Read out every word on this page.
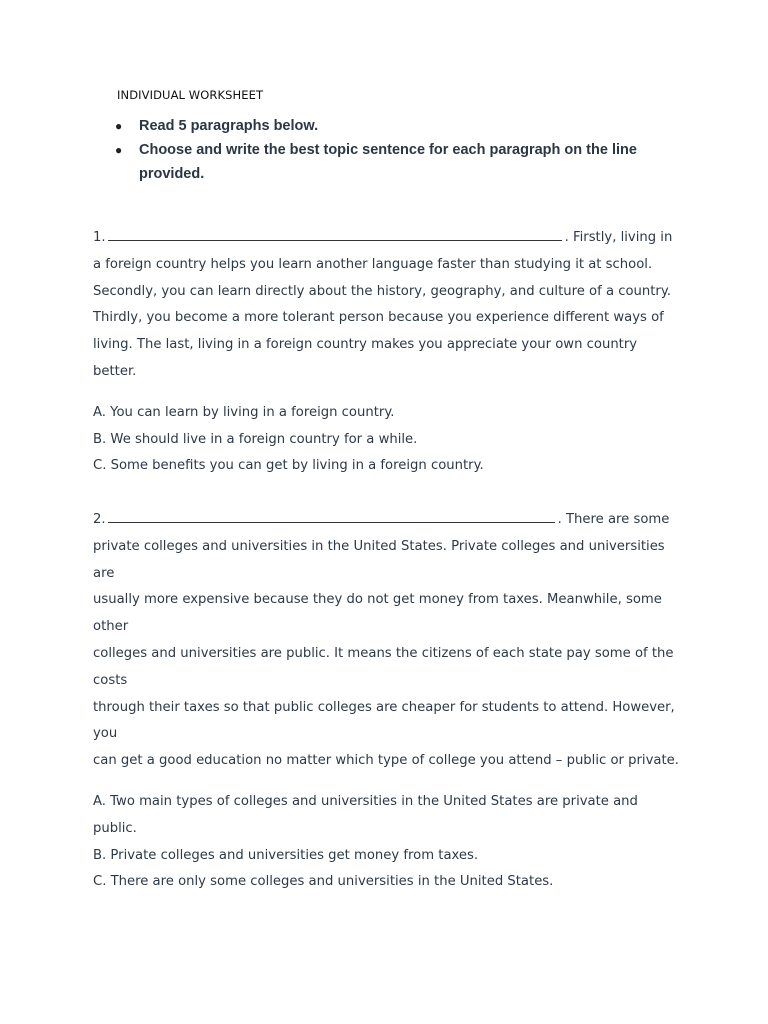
INDIVIDUAL WORKSHEET
● Read 5 paragraphs below.
● Choose and write the best topic sentence for each paragraph on the line provided.

1.	. Firstly, living in
a foreign country helps you learn another language faster than studying it at school.
Secondly, you can learn directly about the history, geography, and culture of a country.
Thirdly, you become a more tolerant person because you experience different ways of
living. The last, living in a foreign country makes you appreciate your own country better.

A. You can learn by living in a foreign country.
B. We should live in a foreign country for a while.
C. Some benefits you can get by living in a foreign country.

2.	. There are some
private colleges and universities in the United States. Private colleges and universities are
usually more expensive because they do not get money from taxes. Meanwhile, some other
colleges and universities are public. It means the citizens of each state pay some of the costs
through their taxes so that public colleges are cheaper for students to attend. However, you
can get a good education no matter which type of college you attend – public or private.

A. Two main types of colleges and universities in the United States are private and public.
B. Private colleges and universities get money from taxes.
C. There are only some colleges and universities in the United States.
